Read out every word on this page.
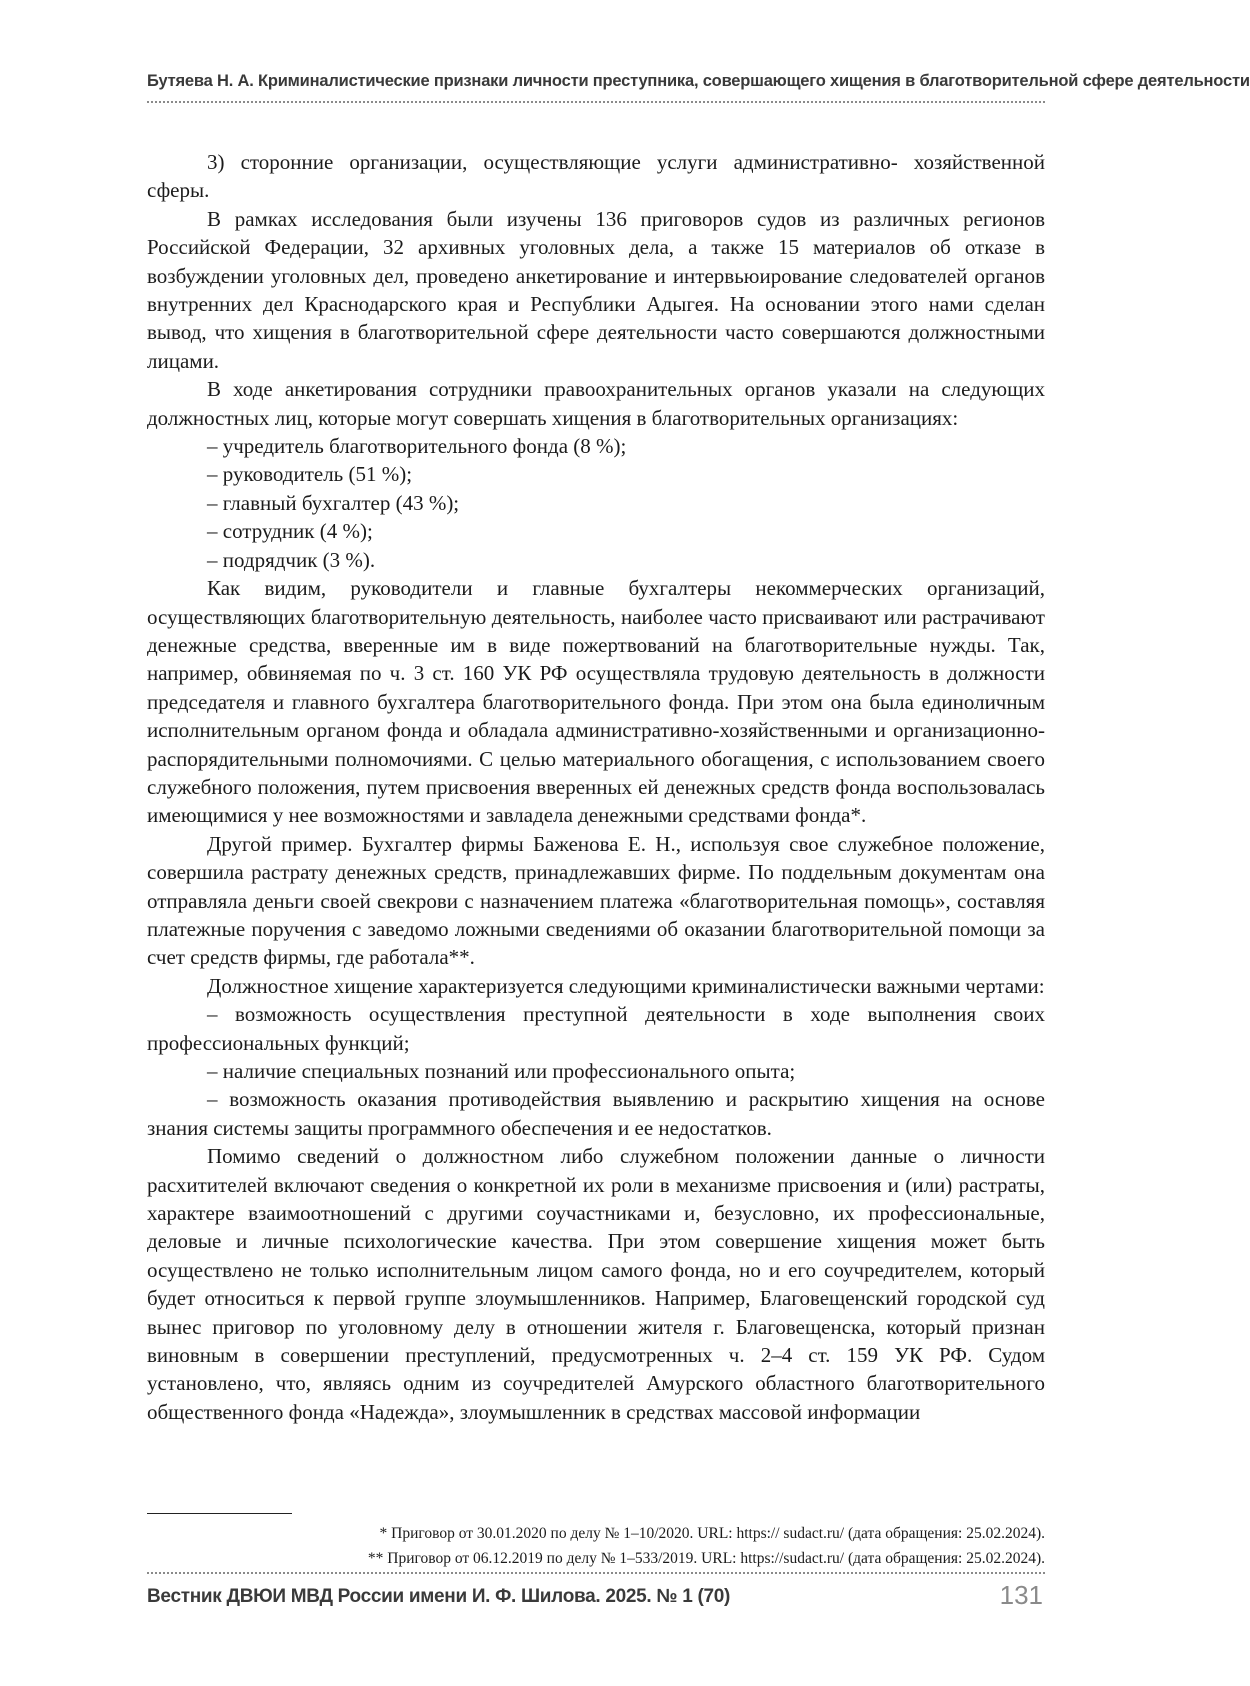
Бутяева Н. А. Криминалистические признаки личности преступника, совершающего хищения в благотворительной сфере деятельности

3) сторонние организации, осуществляющие услуги административно- хозяйственной сферы.

В рамках исследования были изучены 136 приговоров судов из различных регионов Российской Федерации, 32 архивных уголовных дела, а также 15 материалов об отказе в возбуждении уголовных дел, проведено анкетирование и интервьюирование следователей органов внутренних дел Краснодарского края и Республики Адыгея. На основании этого нами сделан вывод, что хищения в благотворительной сфере деятельности часто совершаются должностными лицами.

В ходе анкетирования сотрудники правоохранительных органов указали на следующих должностных лиц, которые могут совершать хищения в благотворительных организациях:

– учредитель благотворительного фонда (8 %);

– руководитель (51 %);

– главный бухгалтер (43 %);

– сотрудник (4 %);

– подрядчик (3 %).

Как видим, руководители и главные бухгалтеры некоммерческих организаций, осуществляющих благотворительную деятельность, наиболее часто присваивают или растрачивают денежные средства, вверенные им в виде пожертвований на благотворительные нужды. Так, например, обвиняемая по ч. 3 ст. 160 УК РФ осуществляла трудовую деятельность в должности председателя и главного бухгалтера благотворительного фонда. При этом она была единоличным исполнительным органом фонда и обладала административно-хозяйственными и организационно-распорядительными полномочиями. С целью материального обогащения, с использованием своего служебного положения, путем присвоения вверенных ей денежных средств фонда воспользовалась имеющимися у нее возможностями и завладела денежными средствами фонда*.

Другой пример. Бухгалтер фирмы Баженова Е. Н., используя свое служебное положение, совершила растрату денежных средств, принадлежавших фирме. По поддельным документам она отправляла деньги своей свекрови с назначением платежа «благотворительная помощь», составляя платежные поручения с заведомо ложными сведениями об оказании благотворительной помощи за счет средств фирмы, где работала**.

Должностное хищение характеризуется следующими криминалистически важными чертами:

– возможность осуществления преступной деятельности в ходе выполнения своих профессиональных функций;

– наличие специальных познаний или профессионального опыта;

– возможность оказания противодействия выявлению и раскрытию хищения на основе знания системы защиты программного обеспечения и ее недостатков.

Помимо сведений о должностном либо служебном положении данные о личности расхитителей включают сведения о конкретной их роли в механизме присвоения и (или) растраты, характере взаимоотношений с другими соучастниками и, безусловно, их профессиональные, деловые и личные психологические качества. При этом совершение хищения может быть осуществлено не только исполнительным лицом самого фонда, но и его соучредителем, который будет относиться к первой группе злоумышленников. Например, Благовещенский городской суд вынес приговор по уголовному делу в отношении жителя г. Благовещенска, который признан виновным в совершении преступлений, предусмотренных ч. 2–4 ст. 159 УК РФ. Судом установлено, что, являясь одним из соучредителей Амурского областного благотворительного общественного фонда «Надежда», злоумышленник в средствах массовой информации

* Приговор от 30.01.2020 по делу № 1–10/2020. URL: https:// sudact.ru/ (дата обращения: 25.02.2024).

** Приговор от 06.12.2019 по делу № 1–533/2019. URL: https://sudact.ru/ (дата обращения: 25.02.2024).

Вестник ДВЮИ МВД России имени И. Ф. Шилова. 2025. № 1 (70)	131
